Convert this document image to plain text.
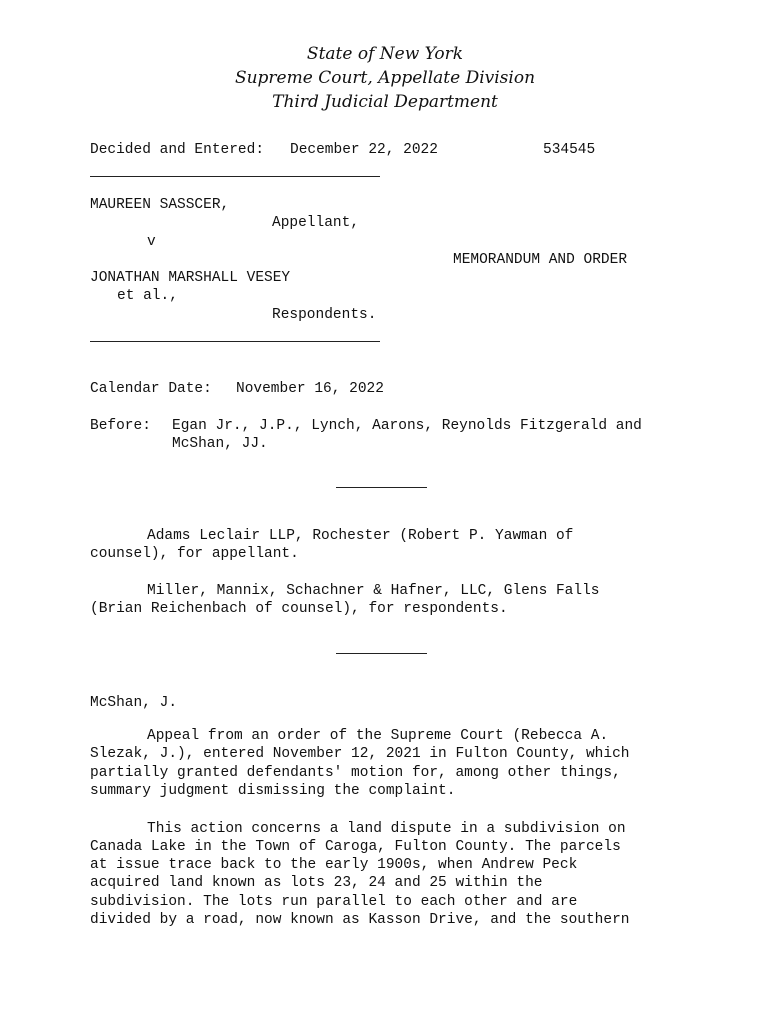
State of New York
Supreme Court, Appellate Division
Third Judicial Department
Decided and Entered: December 22, 2022	534545
MAUREEN SASSCER,
Appellant,
v
MEMORANDUM AND ORDER
JONATHAN MARSHALL VESEY
et al.,
Respondents.
Calendar Date: November 16, 2022
Before: Egan Jr., J.P., Lynch, Aarons, Reynolds Fitzgerald and
McShan, JJ.
Adams Leclair LLP, Rochester (Robert P. Yawman of
counsel), for appellant.
Miller, Mannix, Schachner & Hafner, LLC, Glens Falls
(Brian Reichenbach of counsel), for respondents.
McShan, J.
Appeal from an order of the Supreme Court (Rebecca A.
Slezak, J.), entered November 12, 2021 in Fulton County, which
partially granted defendants' motion for, among other things,
summary judgment dismissing the complaint.
This action concerns a land dispute in a subdivision on
Canada Lake in the Town of Caroga, Fulton County. The parcels
at issue trace back to the early 1900s, when Andrew Peck
acquired land known as lots 23, 24 and 25 within the
subdivision. The lots run parallel to each other and are
divided by a road, now known as Kasson Drive, and the southern
